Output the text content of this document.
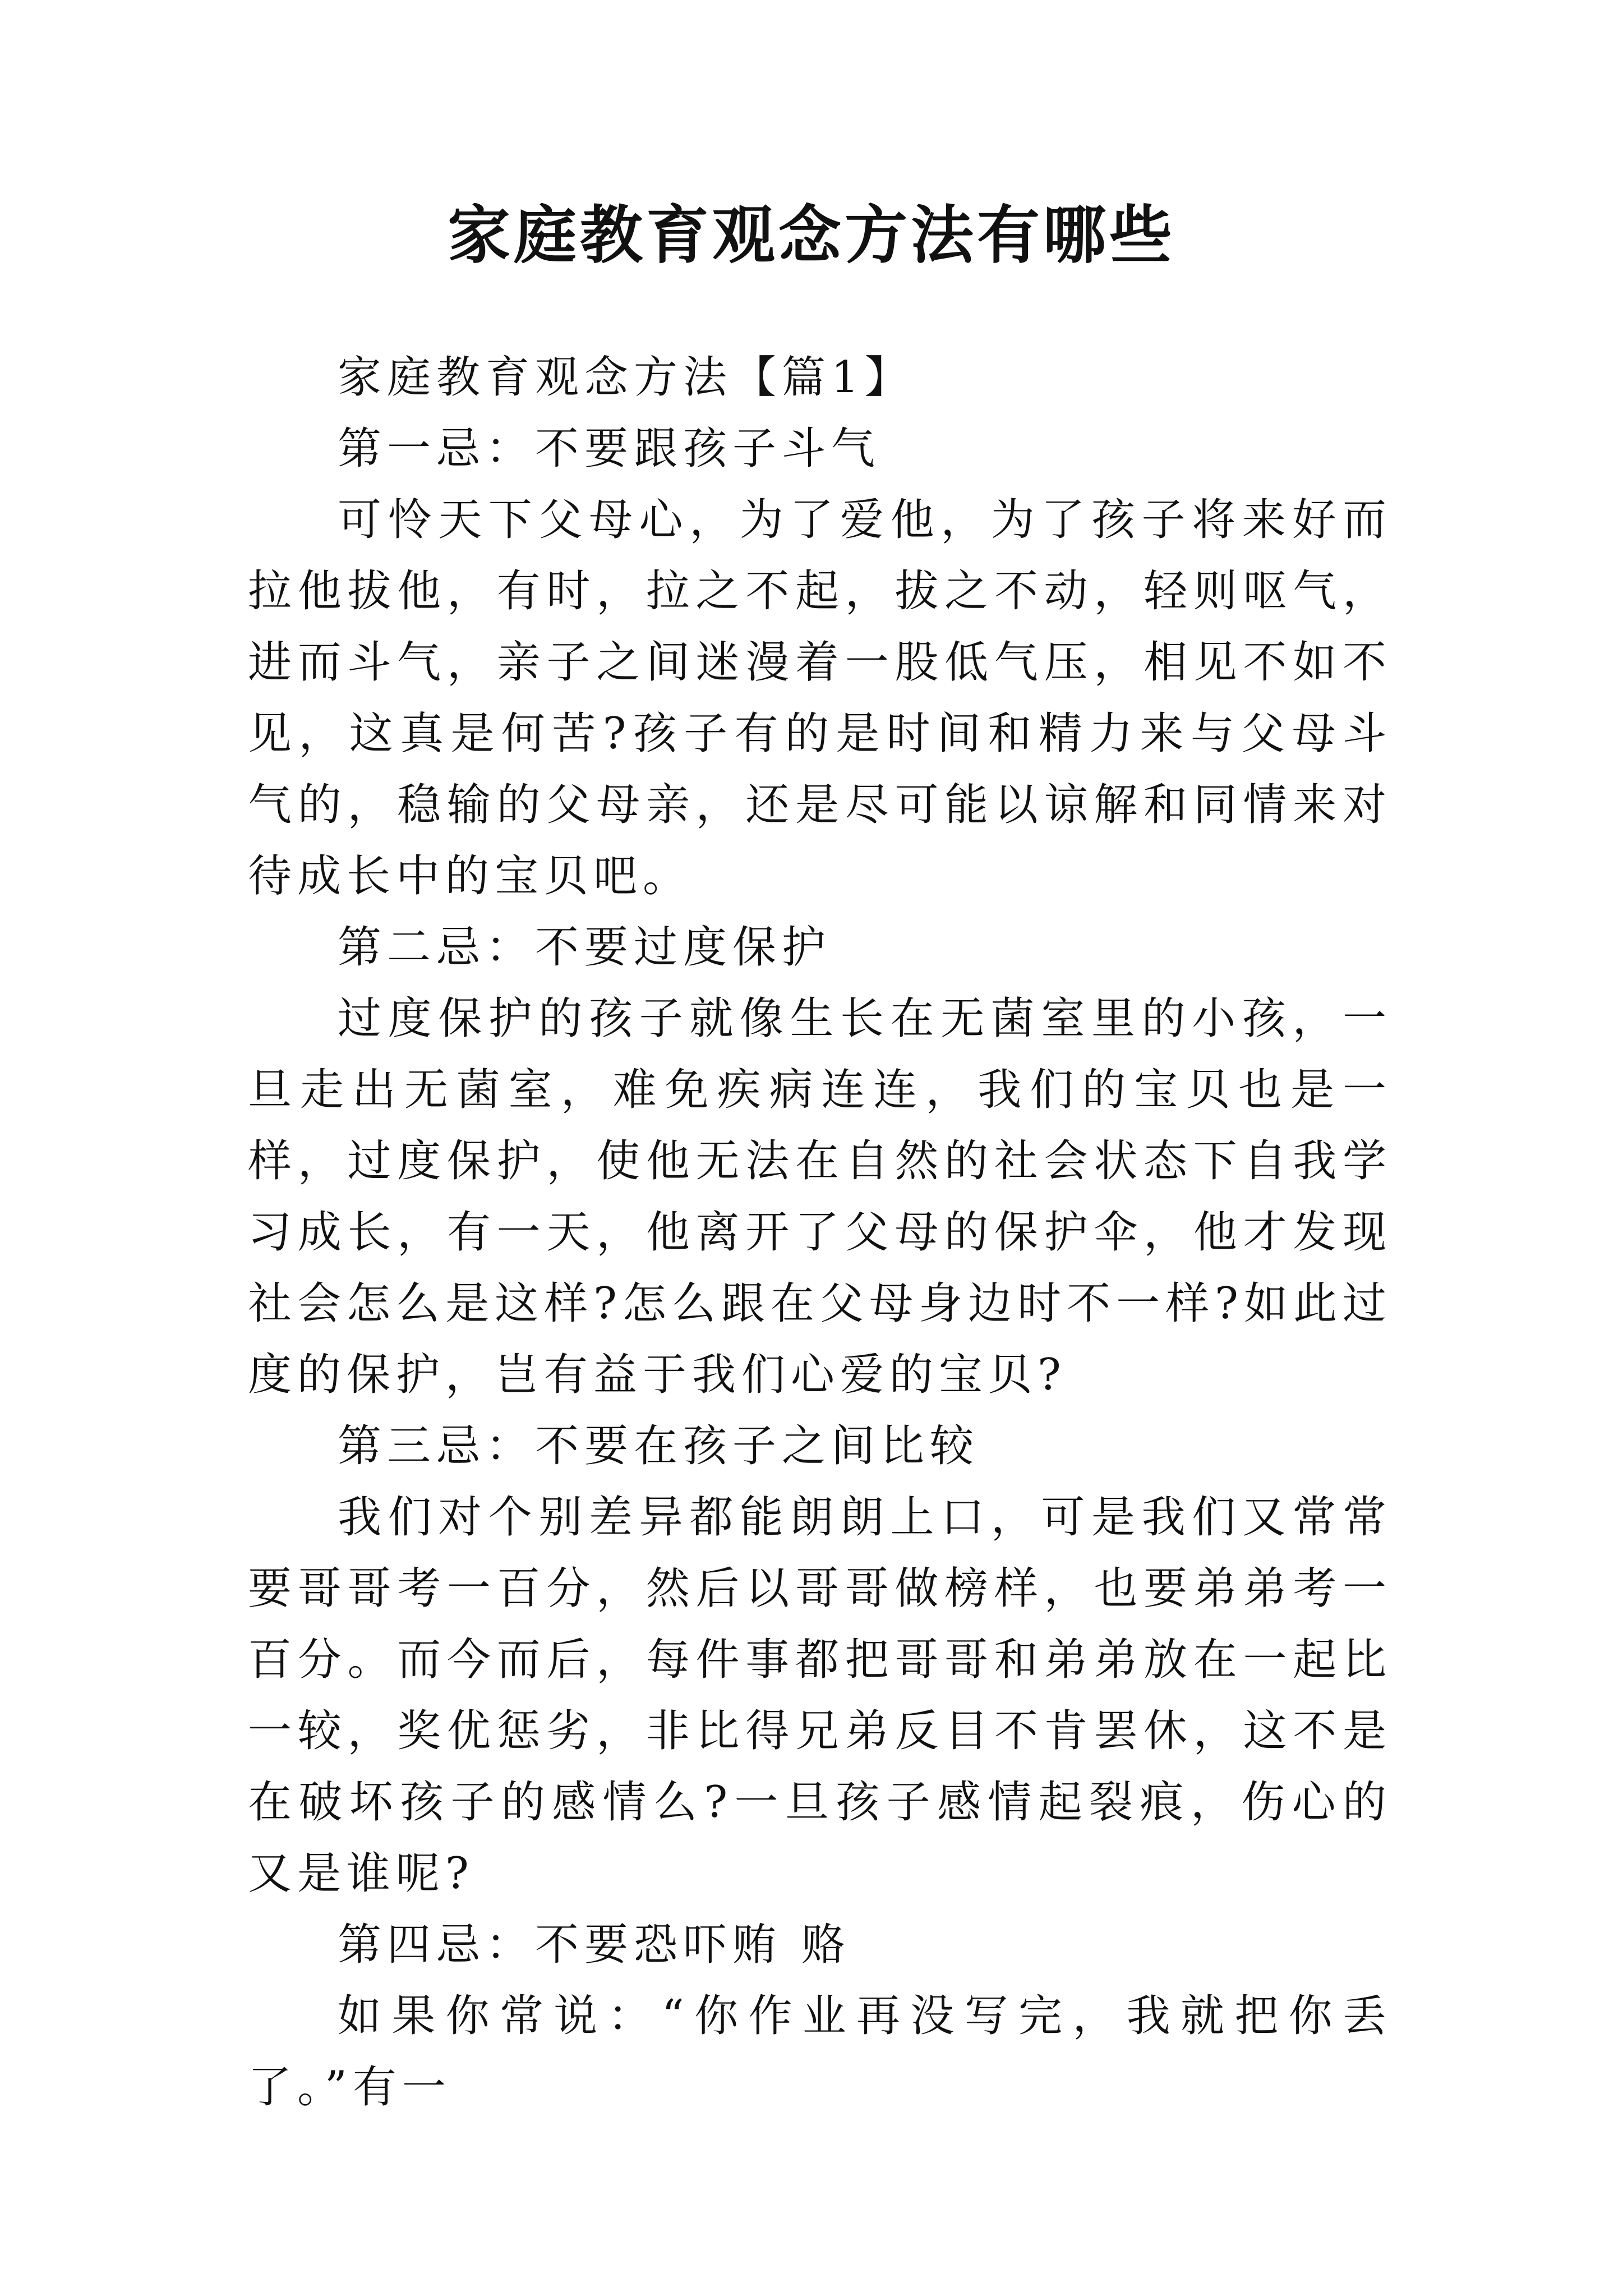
家庭教育观念方法有哪些

家庭教育观念方法【篇1】

第一忌：不要跟孩子斗气

可怜天下父母心，为了爱他，为了孩子将来好而拉他拔他，有时，拉之不起，拔之不动，轻则呕气，进而斗气，亲子之间迷漫着一股低气压，相见不如不见，这真是何苦?孩子有的是时间和精力来与父母斗气的，稳输的父母亲，还是尽可能以谅解和同情来对待成长中的宝贝吧。

第二忌：不要过度保护

过度保护的孩子就像生长在无菌室里的小孩，一旦走出无菌室，难免疾病连连，我们的宝贝也是一样，过度保护，使他无法在自然的社会状态下自我学习成长，有一天，他离开了父母的保护伞，他才发现社会怎么是这样?怎么跟在父母身边时不一样?如此过度的保护，岂有益于我们心爱的宝贝?

第三忌：不要在孩子之间比较

我们对个别差异都能朗朗上口，可是我们又常常要哥哥考一百分，然后以哥哥做榜样，也要弟弟考一百分。而今而后，每件事都把哥哥和弟弟放在一起比一较，奖优惩劣，非比得兄弟反目不肯罢休，这不是在破坏孩子的感情么?一旦孩子感情起裂痕，伤心的又是谁呢?

第四忌：不要恐吓贿 赂

如果你常说：“你作业再没写完，我就把你丢了。”有一
